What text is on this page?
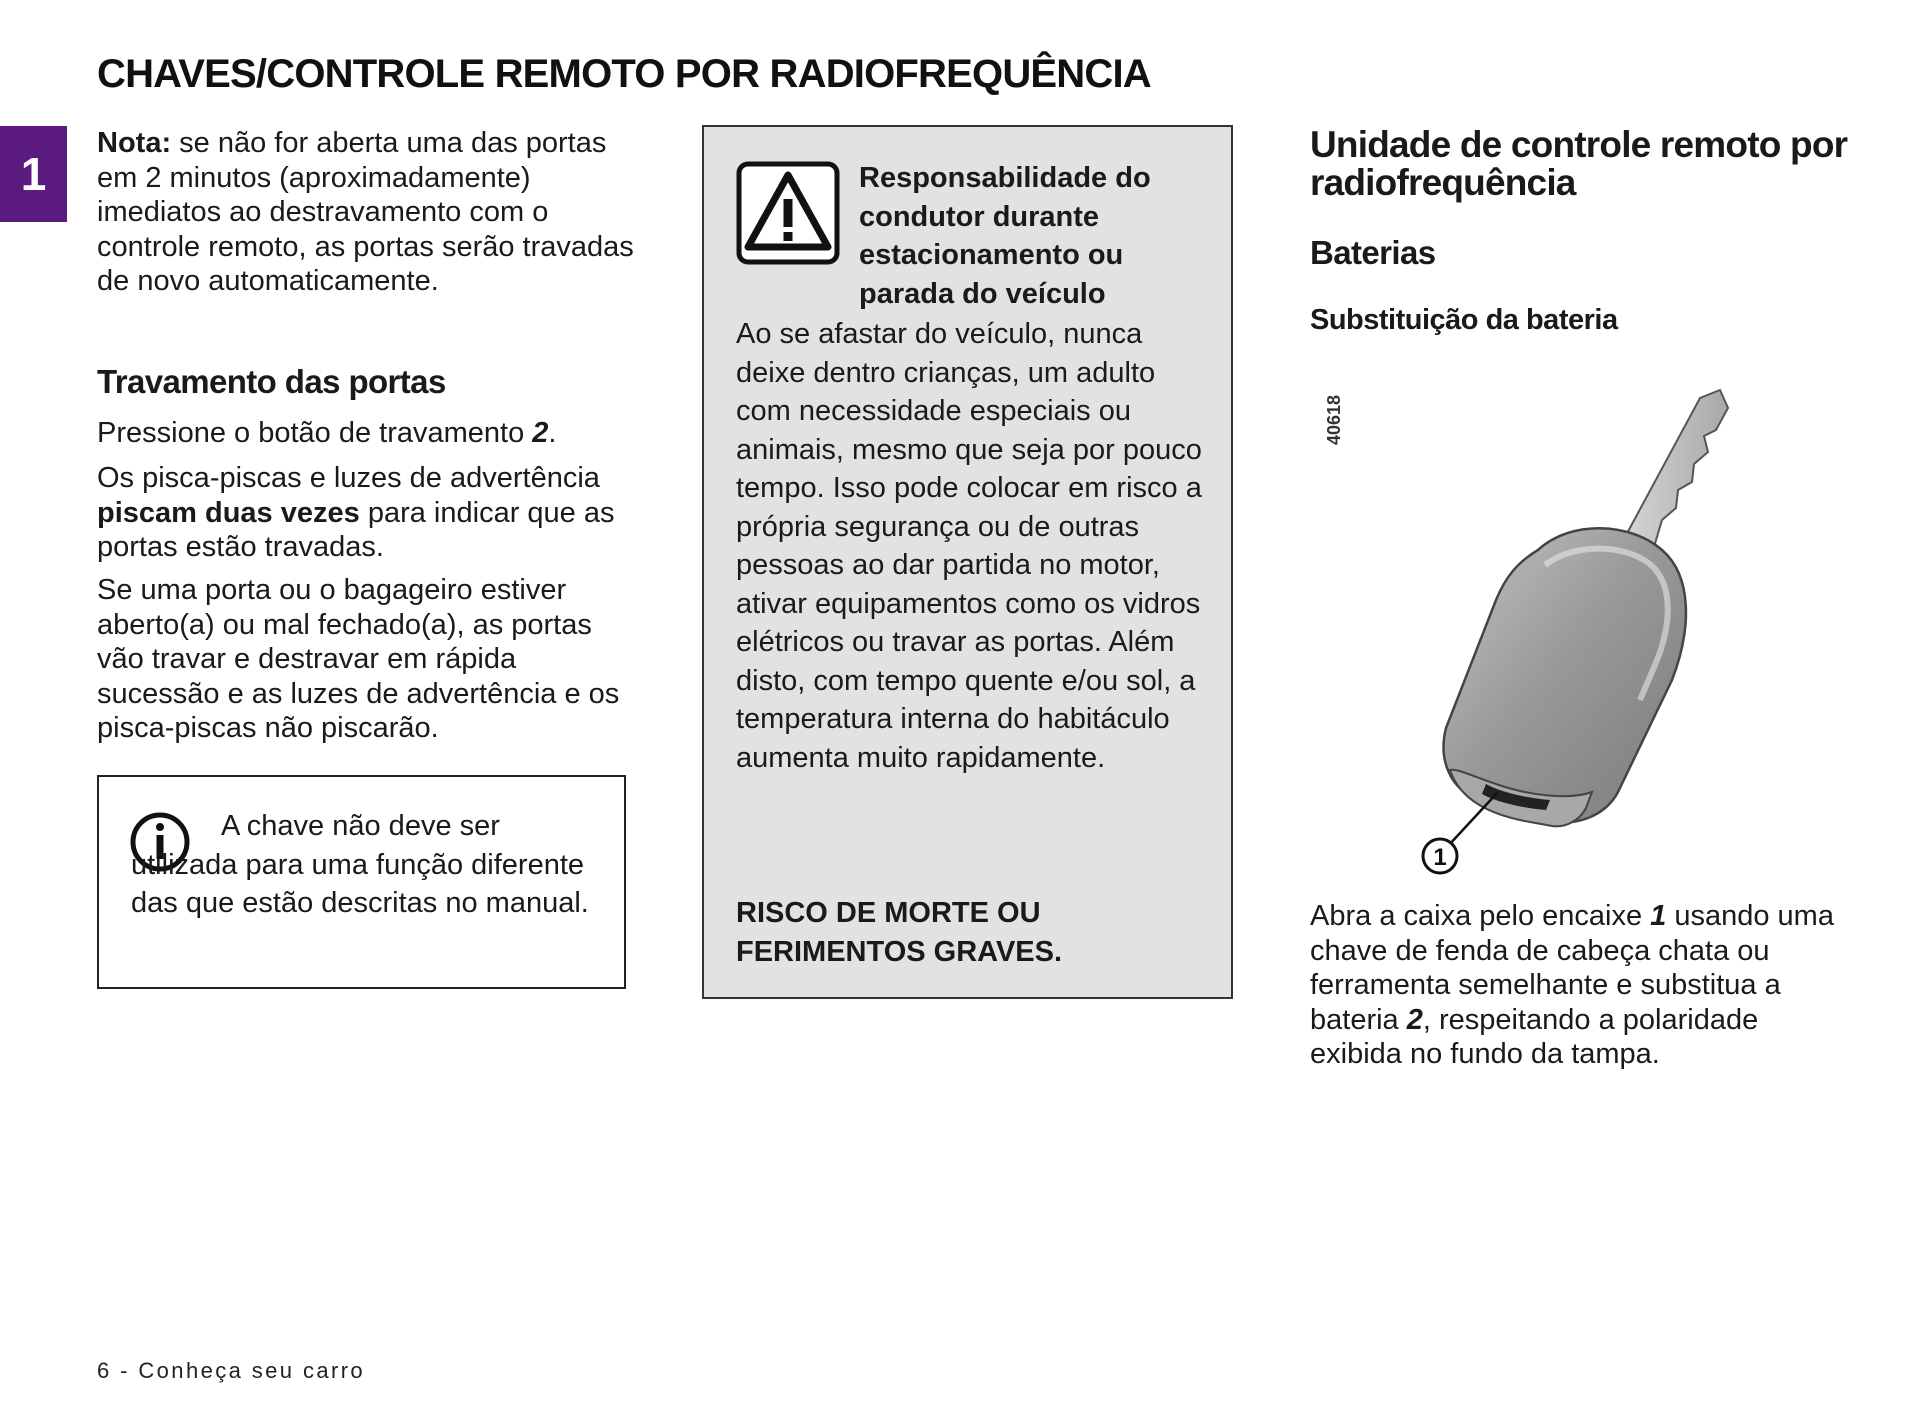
CHAVES/CONTROLE REMOTO POR RADIOFREQUÊNCIA
1

Nota: se não for aberta uma das portas em 2 minutos (aproximadamente) imediatos ao destravamento com o controle remoto, as portas serão travadas de novo automaticamente.

Travamento das portas

Pressione o botão de travamento 2.

Os pisca-piscas e luzes de advertência piscam duas vezes para indicar que as portas estão travadas.

Se uma porta ou o bagageiro estiver aberto(a) ou mal fechado(a), as portas vão travar e destravar em rápida sucessão e as luzes de advertência e os pisca-piscas não piscarão.

A chave não deve ser utilizada para uma função diferente das que estão descritas no manual.

Responsabilidade do condutor durante estacionamento ou parada do veículo

Ao se afastar do veículo, nunca deixe dentro crianças, um adulto com necessidade especiais ou animais, mesmo que seja por pouco tempo. Isso pode colocar em risco a própria segurança ou de outras pessoas ao dar partida no motor, ativar equipamentos como os vidros elétricos ou travar as portas. Além disto, com tempo quente e/ou sol, a temperatura interna do habitáculo aumenta muito rapidamente.

RISCO DE MORTE OU FERIMENTOS GRAVES.

Unidade de controle remoto por radiofrequência
Baterias
Substituição da bateria
40618
1

Abra a caixa pelo encaixe 1 usando uma chave de fenda de cabeça chata ou ferramenta semelhante e substitua a bateria 2, respeitando a polaridade exibida no fundo da tampa.

6 - Conheça seu carro
